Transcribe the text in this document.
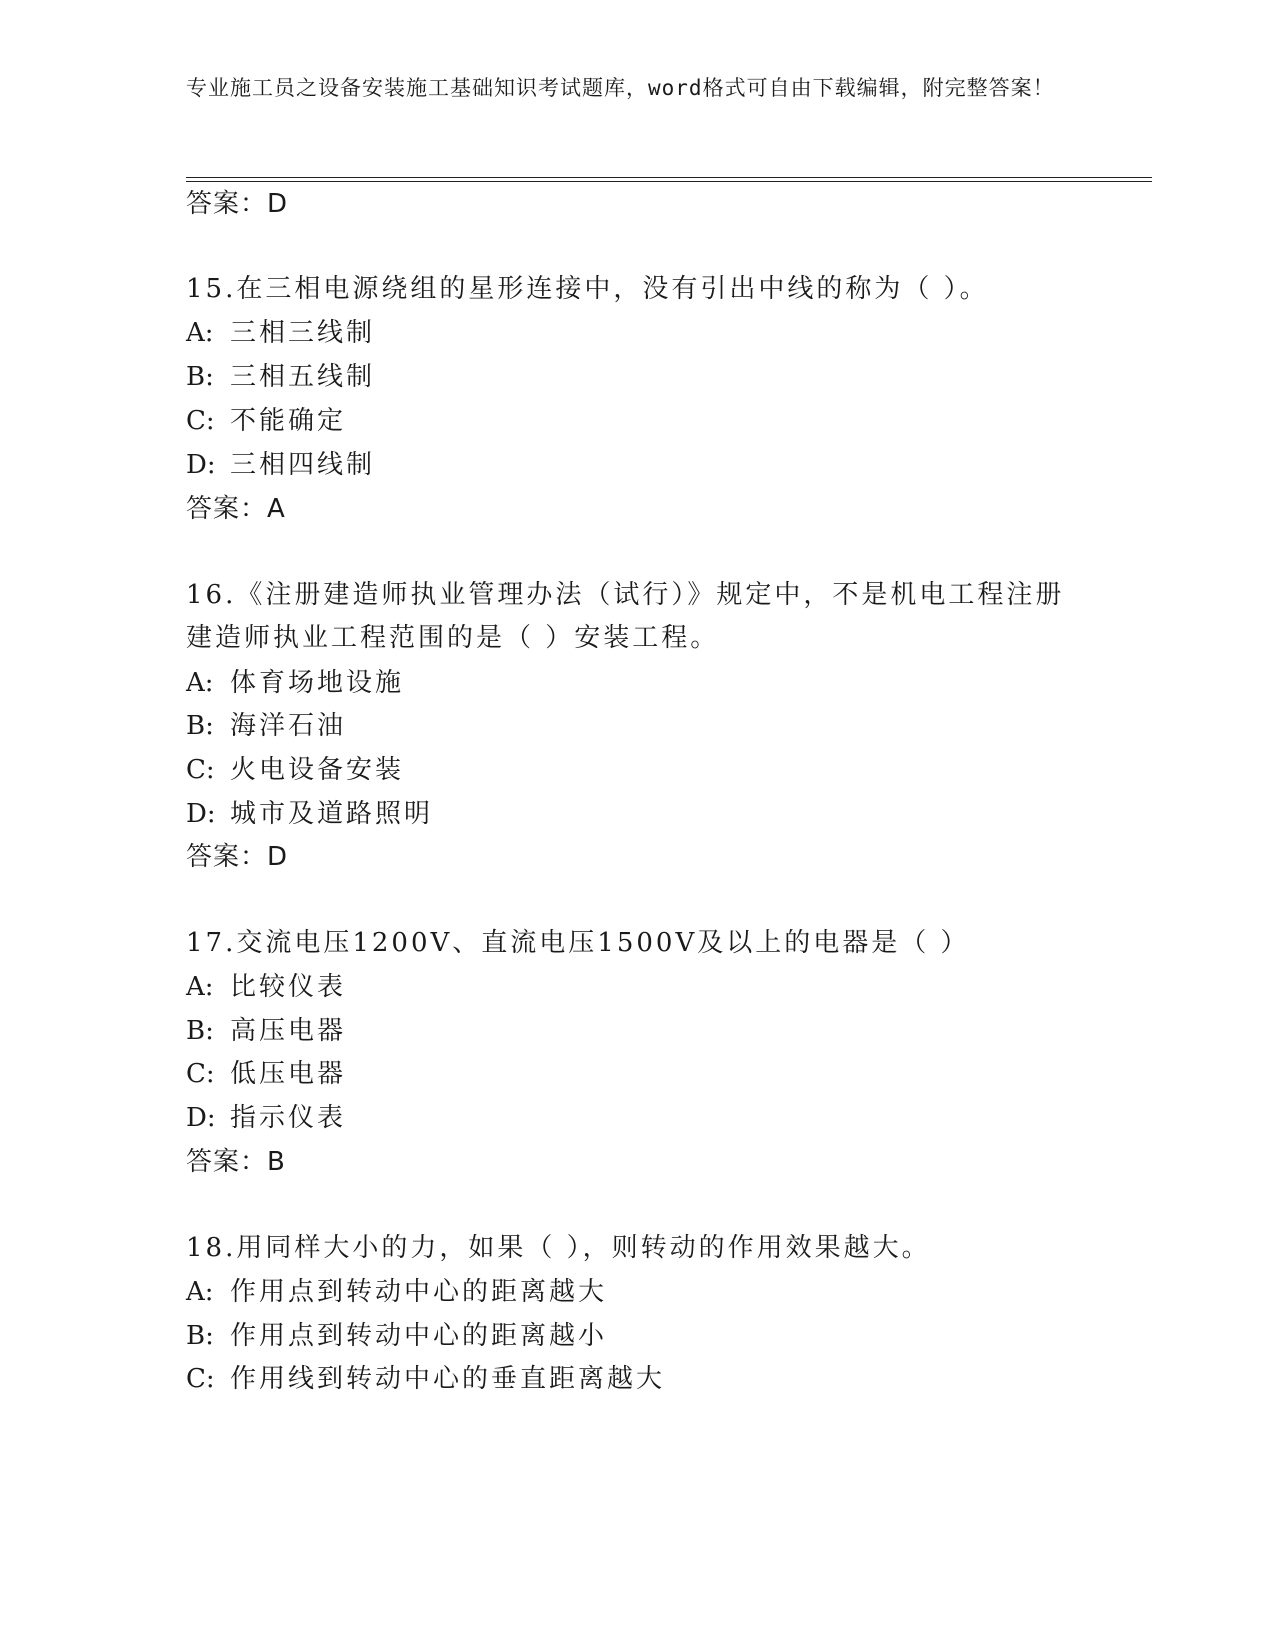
专业施工员之设备安装施工基础知识考试题库，word格式可自由下载编辑，附完整答案！
答案：D
15.在三相电源绕组的星形连接中，没有引出中线的称为（ ）。
A: 三相三线制
B: 三相五线制
C: 不能确定
D: 三相四线制
答案：A
16.《注册建造师执业管理办法（试行）》规定中，不是机电工程注册
建造师执业工程范围的是（ ）安装工程。
A: 体育场地设施
B: 海洋石油
C: 火电设备安装
D: 城市及道路照明
答案：D
17.交流电压1200V、直流电压1500V及以上的电器是（ ）
A: 比较仪表
B: 高压电器
C: 低压电器
D: 指示仪表
答案：B
18.用同样大小的力，如果（ ），则转动的作用效果越大。
A: 作用点到转动中心的距离越大
B: 作用点到转动中心的距离越小
C: 作用线到转动中心的垂直距离越大
